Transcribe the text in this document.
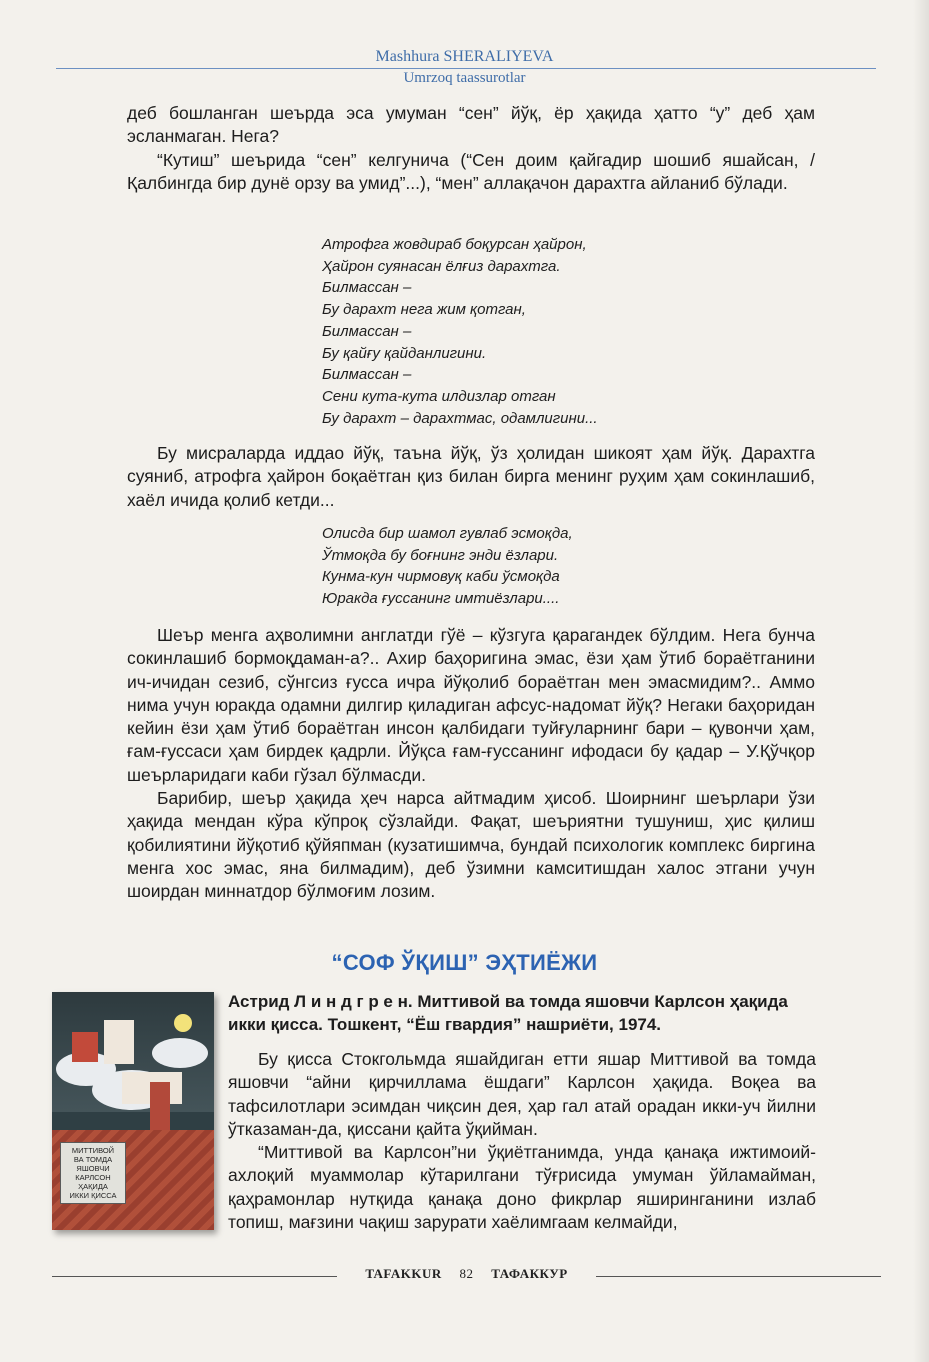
Mashhura SHERALIYEVA
Umrzoq taassurotlar

деб бошланган шеърда эса умуман “сен” йўқ, ёр ҳақида ҳатто “у” деб ҳам эсланмаган. Нега?

“Кутиш” шеърида “сен” келгунича (“Сен доим қайгадир шошиб яшайсан, / Қалбингда бир дунё орзу ва умид”...), “мен” аллақачон дарахтга айланиб бўлади.

Атрофга жовдираб боқурсан ҳайрон,
Ҳайрон суянасан ёлғиз дарахтга.
Билмассан –
Бу дарахт нега жим қотган,
Билмассан –
Бу қайғу қайданлигини.
Билмассан –
Сени кута-кута илдизлар отган
Бу дарахт – дарахтмас, одамлигини...

Бу мисраларда иддао йўқ, таъна йўқ, ўз ҳолидан шикоят ҳам йўқ. Дарахтга суяниб, атрофга ҳайрон боқаётган қиз билан бирга менинг руҳим ҳам сокинлашиб, хаёл ичида қолиб кетди...

Олисда бир шамол гувлаб эсмоқда,
Ўтмоқда бу боғнинг энди ёзлари.
Кунма-кун чирмовуқ каби ўсмоқда
Юракда ғуссанинг имтиёзлари....

Шеър менга аҳволимни англатди гўё – кўзгуга қарагандек бўлдим. Нега бунча сокинлашиб бормоқдаман-а?.. Ахир баҳоригина эмас, ёзи ҳам ўтиб бораётганини ич-ичидан сезиб, сўнгсиз ғусса ичра йўқолиб бораётган мен эмасмидим?.. Аммо нима учун юракда одамни дилгир қиладиган афсус-надомат йўқ? Негаки баҳоридан кейин ёзи ҳам ўтиб бораётган инсон қалбидаги туйғуларнинг бари – қувончи ҳам, ғам-ғуссаси ҳам бирдек қадрли. Йўқса ғам-ғуссанинг ифодаси бу қадар – У.Қўчқор шеърларидаги каби гўзал бўлмасди.

Барибир, шеър ҳақида ҳеч нарса айтмадим ҳисоб. Шоирнинг шеърлари ўзи ҳақида мендан кўра кўпроқ сўзлайди. Фақат, шеъриятни тушуниш, ҳис қилиш қобилиятини йўқотиб қўйяпман (кузатишимча, бундай психологик комплекс биргина менга хос эмас, яна билмадим), деб ўзимни камситишдан халос этгани учун шоирдан миннатдор бўлмоғим лозим.

“СОФ ЎҚИШ” ЭҲТИЁЖИ
МИТТИВОЙ
ВА ТОМДА
ЯШОВЧИ
КАРЛСОН
ҲАҚИДА
ИККИ ҚИССА

Астрид Л и н д г р е н. Миттивой ва томда яшовчи Карлсон ҳақида икки қисса. Тошкент, “Ёш гвардия” нашриёти, 1974.

Бу қисса Стокгольмда яшайдиган етти яшар Миттивой ва томда яшовчи “айни қирчиллама ёшдаги” Карлсон ҳақида. Воқеа ва тафсилотлари эсимдан чиқсин дея, ҳар гал атай орадан икки-уч йилни ўтказаман-да, қиссани қайта ўқийман.

“Миттивой ва Карлсон”ни ўқиётганимда, унда қанақа ижтимоий-ахлоқий муаммолар кўтарилгани тўғрисида умуман ўйламайман, қаҳрамонлар нутқида қанақа доно фикрлар яширинганини излаб топиш, мағзини чақиш зарурати хаёлимгаам келмайди,

TAFAKKUR 82 ТАФАККУР
